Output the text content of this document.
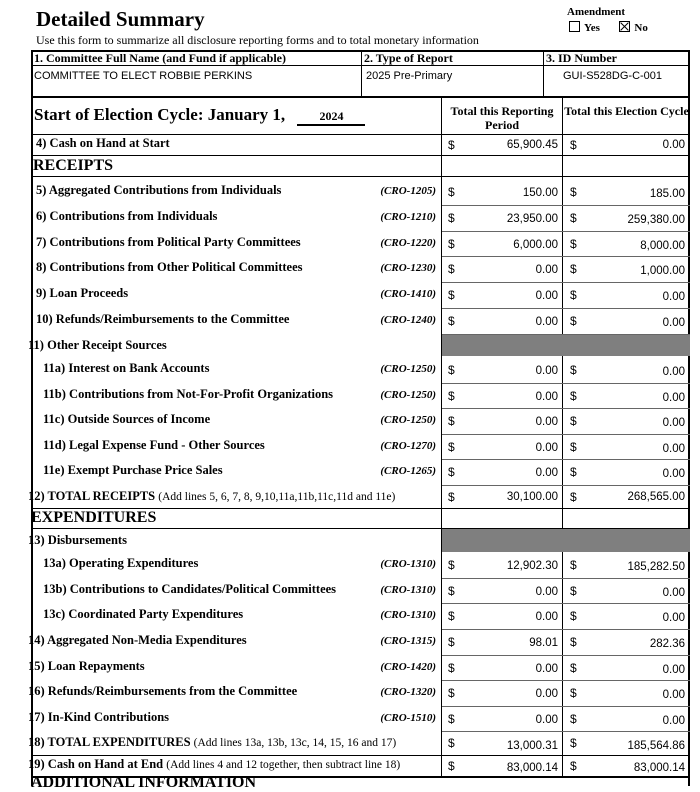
Detailed Summary
Use this form to summarize all disclosure reporting forms and to total monetary information
Amendment
Yes	No
1. Committee Full Name (and Fund if applicable)
COMMITTEE TO ELECT ROBBIE PERKINS
2. Type of Report
2025 Pre-Primary
3. ID Number
GUI-S528DG-C-001
Start of Election Cycle: January 1,	2024	Total this Reporting Period
Total this Election Cycle
4) Cash on Hand at Start	$	65,900.45 $	0.00
RECEIPTS
5) Aggregated Contributions from Individuals	(CRO-1205) $	150.00 $	185.00
6) Contributions from Individuals	(CRO-1210) $	23,950.00 $	259,380.00
7) Contributions from Political Party Committees	(CRO-1220) $	6,000.00 $	8,000.00
8) Contributions from Other Political Committees	(CRO-1230) $	0.00 $	1,000.00
9) Loan Proceeds	(CRO-1410) $	0.00 $	0.00
10) Refunds/Reimbursements to the Committee	(CRO-1240) $	0.00 $	0.00
11) Other Receipt Sources
11a) Interest on Bank Accounts	(CRO-1250) $	0.00 $	0.00
11b) Contributions from Not-For-Profit Organizations	(CRO-1250) $	0.00 $	0.00
11c) Outside Sources of Income	(CRO-1250) $	0.00 $	0.00
11d) Legal Expense Fund - Other Sources	(CRO-1270) $	0.00 $	0.00
11e) Exempt Purchase Price Sales	(CRO-1265) $	0.00 $	0.00
12) TOTAL RECEIPTS (Add lines 5, 6, 7, 8, 9,10,11a,11b,11c,11d and 11e)	$	30,100.00 $	268,565.00
EXPENDITURES
13) Disbursements
13a) Operating Expenditures	(CRO-1310) $	12,902.30 $	185,282.50
13b) Contributions to Candidates/Political Committees	(CRO-1310) $	0.00 $	0.00
13c) Coordinated Party Expenditures	(CRO-1310) $	0.00 $	0.00
14) Aggregated Non-Media Expenditures	(CRO-1315) $	98.01 $	282.36
15) Loan Repayments	(CRO-1420) $	0.00 $	0.00
16) Refunds/Reimbursements from the Committee	(CRO-1320) $	0.00 $	0.00
17) In-Kind Contributions	(CRO-1510) $	0.00 $	0.00
18) TOTAL EXPENDITURES (Add lines 13a, 13b, 13c, 14, 15, 16 and 17)	$	13,000.31 $	185,564.86
19) Cash on Hand at End (Add lines 4 and 12 together, then subtract line 18)	$	83,000.14 $	83,000.14
ADDITIONAL INFORMATION
